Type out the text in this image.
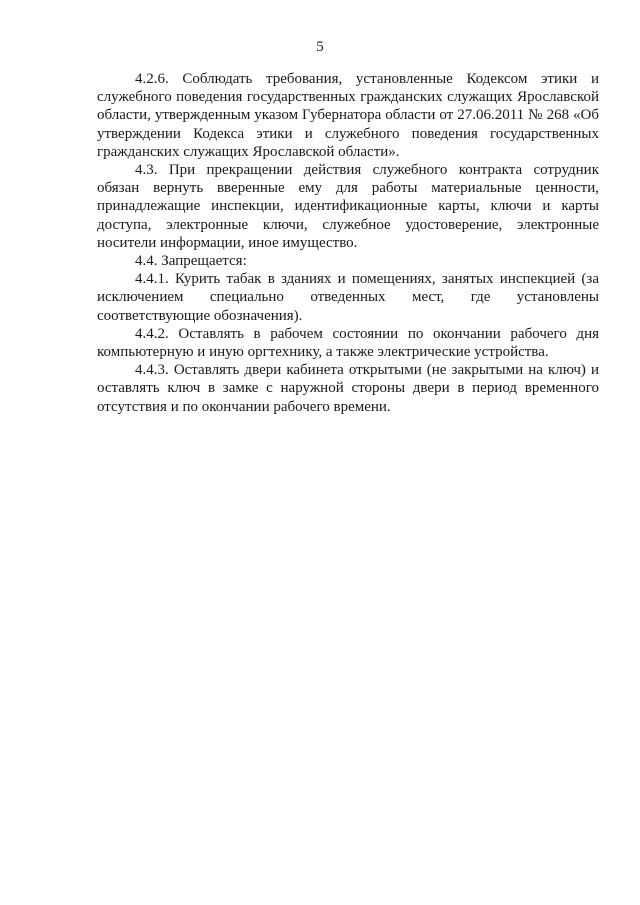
5

4.2.6. Соблюдать требования, установленные Кодексом этики и служебного поведения государственных гражданских служащих Ярославской области, утвержденным указом Губернатора области от 27.06.2011 № 268 «Об утверждении Кодекса этики и служебного поведения государственных гражданских служащих Ярославской области».

4.3. При прекращении действия служебного контракта сотрудник обязан вернуть вверенные ему для работы материальные ценности, принадлежащие инспекции, идентификационные карты, ключи и карты доступа, электронные ключи, служебное удостоверение, электронные носители информации, иное имущество.

4.4. Запрещается:

4.4.1. Курить табак в зданиях и помещениях, занятых инспекцией (за исключением специально отведенных мест, где установлены соответствующие обозначения).

4.4.2. Оставлять в рабочем состоянии по окончании рабочего дня компьютерную и иную оргтехнику, а также электрические устройства.

4.4.3. Оставлять двери кабинета открытыми (не закрытыми на ключ) и оставлять ключ в замке с наружной стороны двери в период временного отсутствия и по окончании рабочего времени.
